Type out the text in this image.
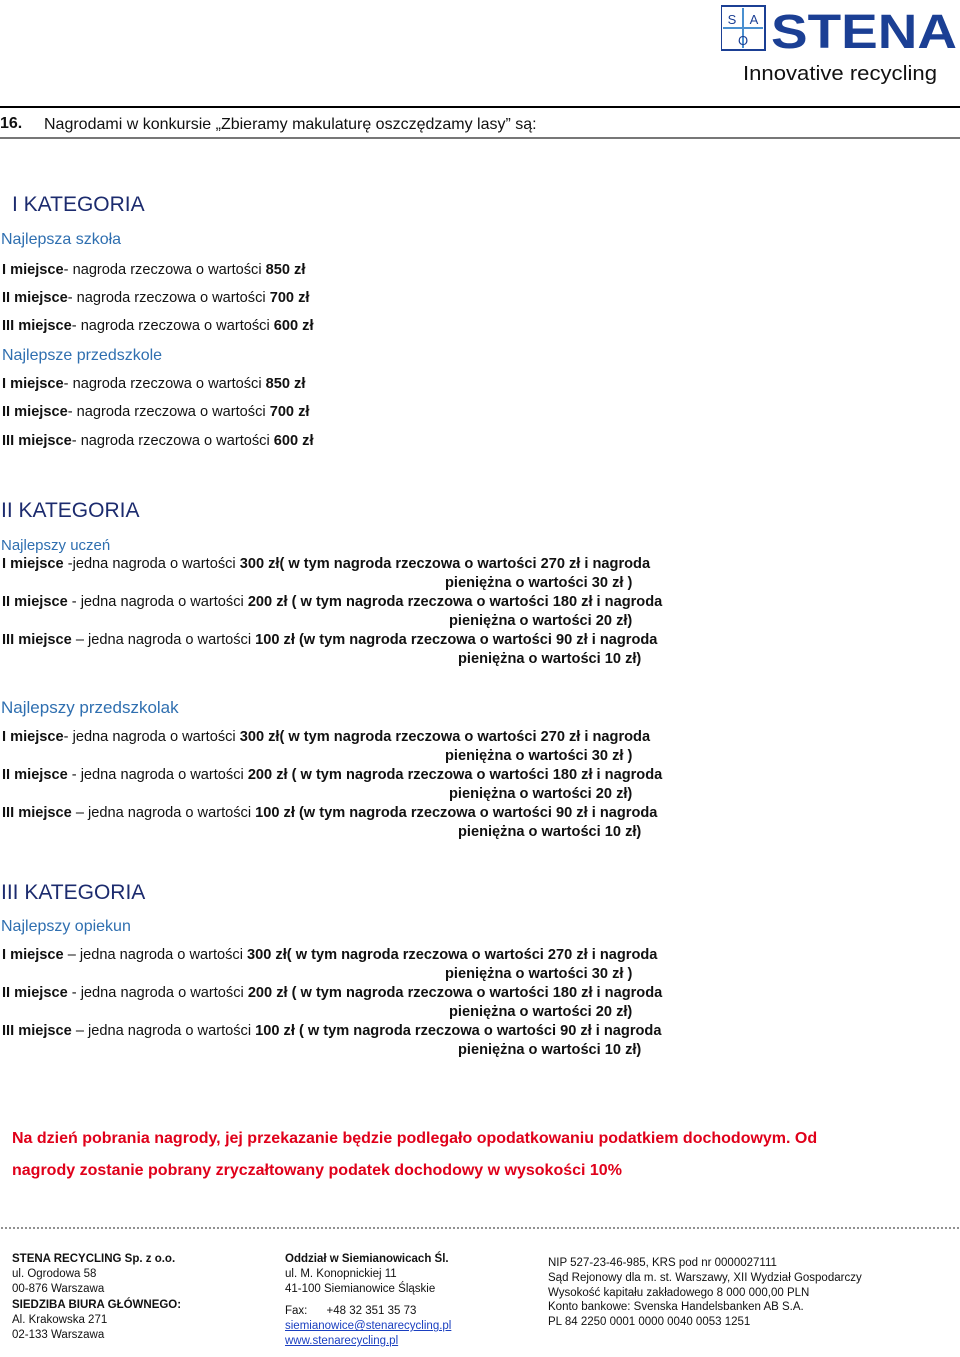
S A
O STENA
Innovative recycling
16. Nagrodami w konkursie „Zbieramy makulaturę oszczędzamy lasy” są:
I KATEGORIA
Najlepsza szkoła
I miejsce- nagroda rzeczowa o wartości 850 zł
II miejsce- nagroda rzeczowa o wartości 700 zł
III miejsce- nagroda rzeczowa o wartości 600 zł
Najlepsze przedszkole
I miejsce- nagroda rzeczowa o wartości 850 zł
II miejsce- nagroda rzeczowa o wartości 700 zł
III miejsce- nagroda rzeczowa o wartości 600 zł
II KATEGORIA
Najlepszy uczeń
I miejsce -jedna nagroda o wartości 300 zł( w tym nagroda rzeczowa o wartości 270 zł i nagroda
pieniężna o wartości 30 zł )
II miejsce - jedna nagroda o wartości 200 zł ( w tym nagroda rzeczowa o wartości 180 zł i nagroda
pieniężna o wartości 20 zł)
III miejsce – jedna nagroda o wartości 100 zł (w tym nagroda rzeczowa o wartości 90 zł i nagroda
pieniężna o wartości 10 zł)
Najlepszy przedszkolak
I miejsce- jedna nagroda o wartości 300 zł( w tym nagroda rzeczowa o wartości 270 zł i nagroda
pieniężna o wartości 30 zł )
II miejsce - jedna nagroda o wartości 200 zł ( w tym nagroda rzeczowa o wartości 180 zł i nagroda
pieniężna o wartości 20 zł)
III miejsce – jedna nagroda o wartości 100 zł (w tym nagroda rzeczowa o wartości 90 zł i nagroda
pieniężna o wartości 10 zł)
III KATEGORIA
Najlepszy opiekun
I miejsce – jedna nagroda o wartości 300 zł( w tym nagroda rzeczowa o wartości 270 zł i nagroda
pieniężna o wartości 30 zł )
II miejsce - jedna nagroda o wartości 200 zł ( w tym nagroda rzeczowa o wartości 180 zł i nagroda
pieniężna o wartości 20 zł)
III miejsce – jedna nagroda o wartości 100 zł ( w tym nagroda rzeczowa o wartości 90 zł i nagroda
pieniężna o wartości 10 zł)
Na dzień pobrania nagrody, jej przekazanie będzie podlegało opodatkowaniu podatkiem dochodowym. Od
nagrody zostanie pobrany zryczałtowany podatek dochodowy w wysokości 10%
STENA RECYCLING Sp. z o.o.
ul. Ogrodowa 58
00-876 Warszawa
SIEDZIBA BIURA GŁÓWNEGO:
Al. Krakowska 271
02-133 Warszawa
Oddział w Siemianowicach Śl.
ul. M. Konopnickiej 11
41-100 Siemianowice Śląskie
Fax: +48 32 351 35 73
siemianowice@stenarecycling.pl
www.stenarecycling.pl
NIP 527-23-46-985, KRS pod nr 0000027111
Sąd Rejonowy dla m. st. Warszawy, XII Wydział Gospodarczy
Wysokość kapitału zakładowego 8 000 000,00 PLN
Konto bankowe: Svenska Handelsbanken AB S.A.
PL 84 2250 0001 0000 0040 0053 1251
